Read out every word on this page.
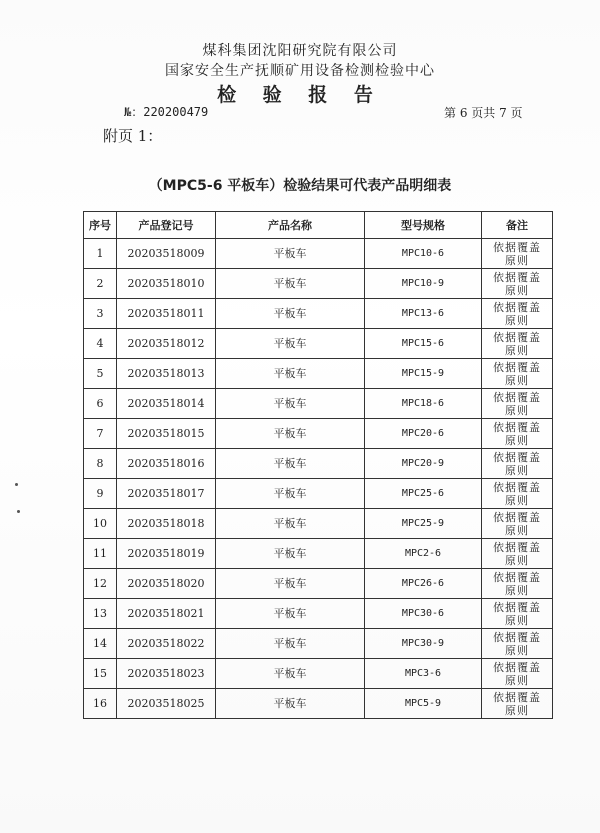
煤科集团沈阳研究院有限公司
国家安全生产抚顺矿用设备检测检验中心
检 验 报 告
№：220200479	第 6 页共 7 页
附页 1：
（MPC5-6 平板车）检验结果可代表产品明细表
序号	产品登记号	产品名称	型号规格	备注
1	20203518009	平板车	MPC10-6	依据覆盖
原则

2	20203518010	平板车	MPC10-9	依据覆盖
原则

3	20203518011	平板车	MPC13-6	依据覆盖
原则

4	20203518012	平板车	MPC15-6	依据覆盖
原则

5	20203518013	平板车	MPC15-9	依据覆盖
原则

6	20203518014	平板车	MPC18-6	依据覆盖
原则

7	20203518015	平板车	MPC20-6	依据覆盖
原则

8	20203518016	平板车	MPC20-9	依据覆盖
原则

9	20203518017	平板车	MPC25-6	依据覆盖
原则

10	20203518018	平板车	MPC25-9	依据覆盖
原则

11	20203518019	平板车	MPC2-6	依据覆盖
原则

12	20203518020	平板车	MPC26-6	依据覆盖
原则

13	20203518021	平板车	MPC30-6	依据覆盖
原则

14	20203518022	平板车	MPC30-9	依据覆盖
原则

15	20203518023	平板车	MPC3-6	依据覆盖
原则

16	20203518025	平板车	MPC5-9	依据覆盖
原则
